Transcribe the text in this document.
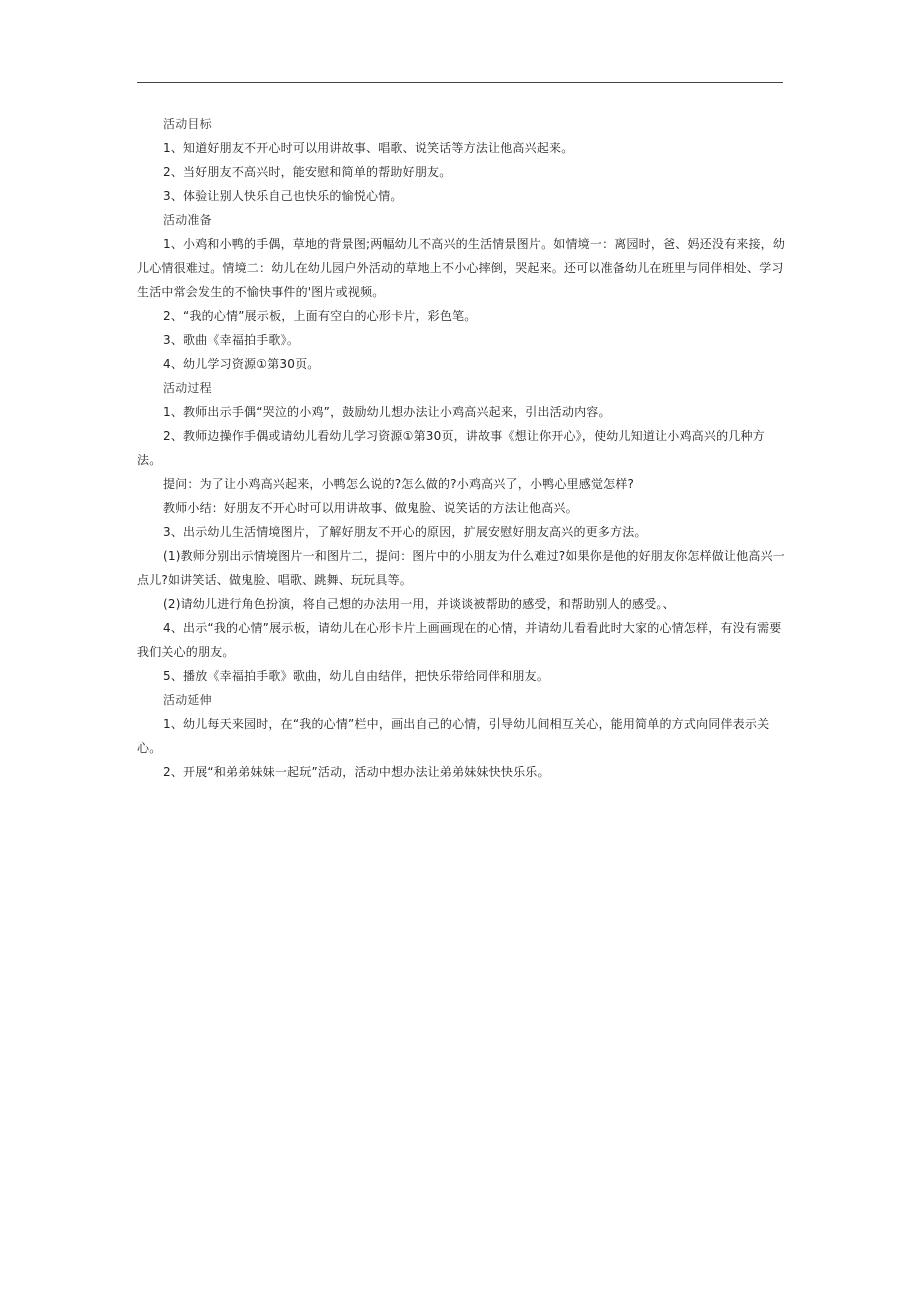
活动目标

1、知道好朋友不开心时可以用讲故事、唱歌、说笑话等方法让他高兴起来。

2、当好朋友不高兴时，能安慰和简单的帮助好朋友。

3、体验让别人快乐自己也快乐的愉悦心情。

活动准备

1、小鸡和小鸭的手偶，草地的背景图;两幅幼儿不高兴的生活情景图片。如情境一：离园时，爸、妈还没有来接，幼儿心情很难过。情境二：幼儿在幼儿园户外活动的草地上不小心摔倒，哭起来。还可以准备幼儿在班里与同伴相处、学习生活中常会发生的不愉快事件的'图片或视频。

2、“我的心情”展示板，上面有空白的心形卡片，彩色笔。

3、歌曲《幸福拍手歌》。

4、幼儿学习资源①第30页。

活动过程

1、教师出示手偶“哭泣的小鸡”，鼓励幼儿想办法让小鸡高兴起来，引出活动内容。

2、教师边操作手偶或请幼儿看幼儿学习资源①第30页，讲故事《想让你开心》，使幼儿知道让小鸡高兴的几种方法。

提问：为了让小鸡高兴起来，小鸭怎么说的?怎么做的?小鸡高兴了，小鸭心里感觉怎样?

教师小结：好朋友不开心时可以用讲故事、做鬼脸、说笑话的方法让他高兴。

3、出示幼儿生活情境图片，了解好朋友不开心的原因，扩展安慰好朋友高兴的更多方法。

(1)教师分别出示情境图片一和图片二，提问：图片中的小朋友为什么难过?如果你是他的好朋友你怎样做让他高兴一点儿?如讲笑话、做鬼脸、唱歌、跳舞、玩玩具等。

(2)请幼儿进行角色扮演，将自己想的办法用一用，并谈谈被帮助的感受，和帮助别人的感受。、

4、出示“我的心情”展示板，请幼儿在心形卡片上画画现在的心情，并请幼儿看看此时大家的心情怎样，有没有需要我们关心的朋友。

5、播放《幸福拍手歌》歌曲，幼儿自由结伴，把快乐带给同伴和朋友。

活动延伸

1、幼儿每天来园时，在“我的心情”栏中，画出自己的心情，引导幼儿间相互关心，能用简单的方式向同伴表示关心。

2、开展“和弟弟妹妹一起玩”活动，活动中想办法让弟弟妹妹快快乐乐。
